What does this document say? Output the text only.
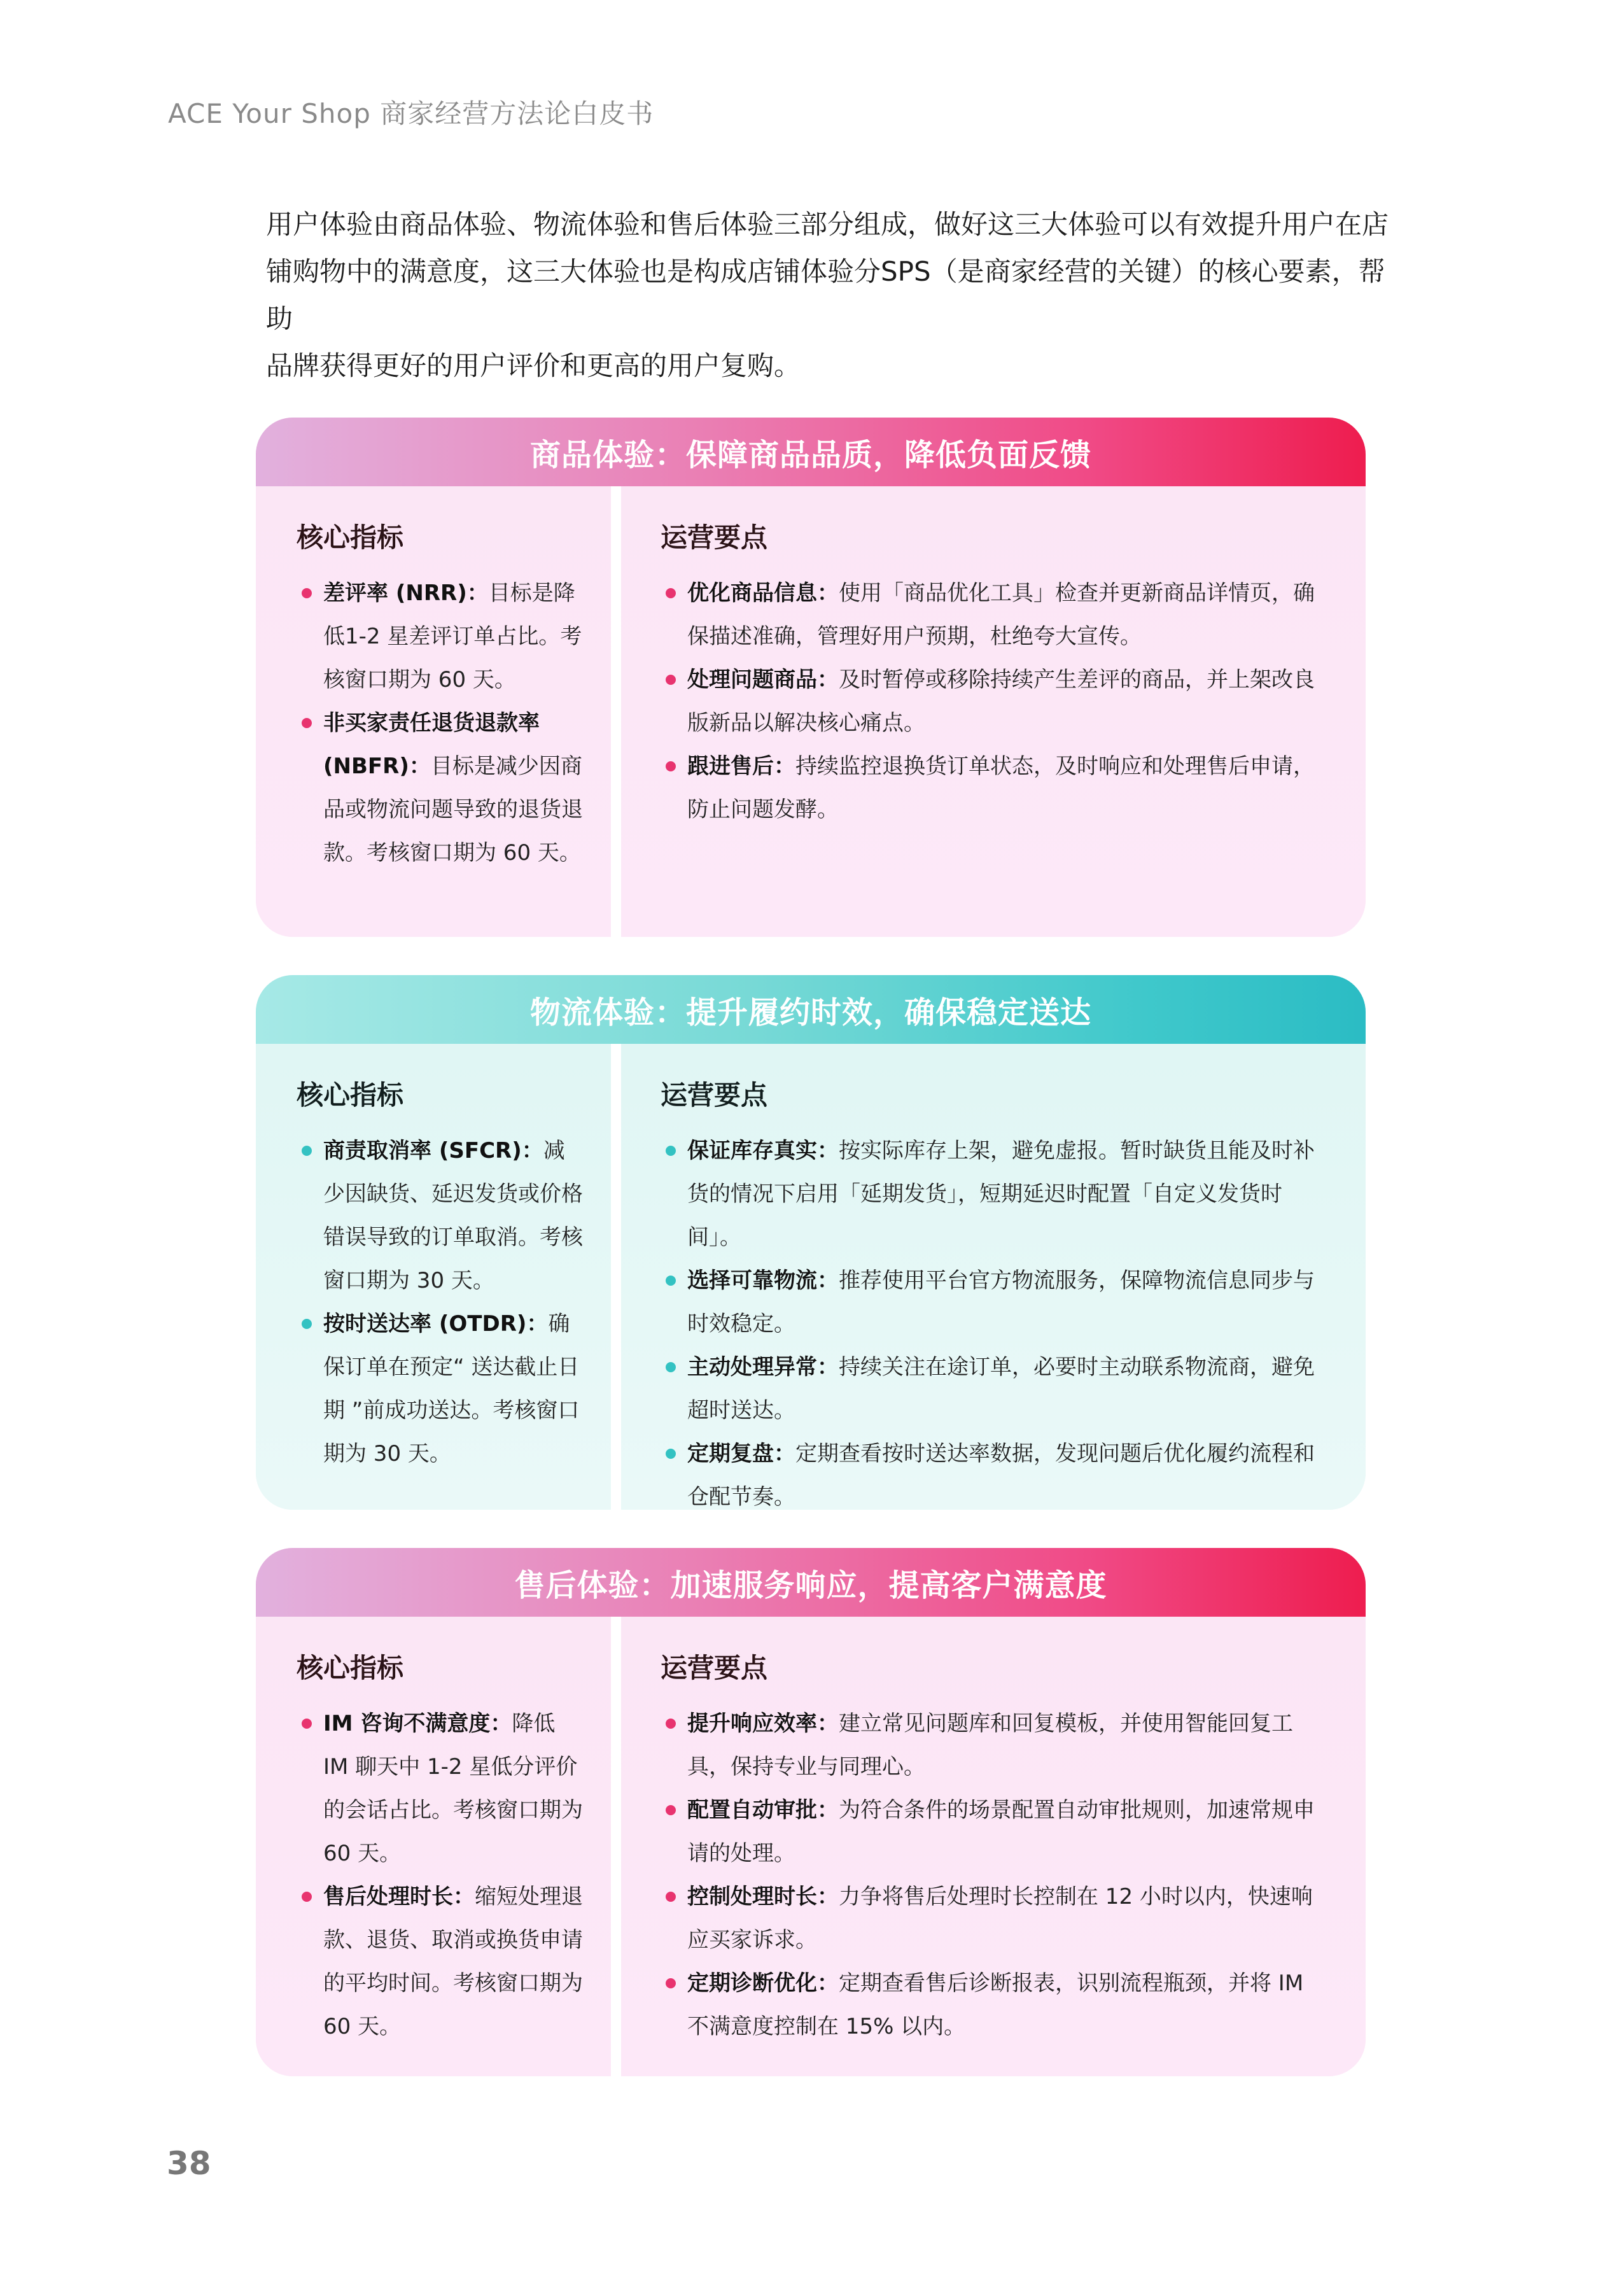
ACE Your Shop 商家经营方法论白皮书

用户体验由商品体验、物流体验和售后体验三部分组成，做好这三大体验可以有效提升用户在店

铺购物中的满意度，这三大体验也是构成店铺体验分SPS（是商家经营的关键）的核心要素，帮助

品牌获得更好的用户评价和更高的用户复购。

商品体验：保障商品品质，降低负面反馈
核心指标
差评率 (NRR)：目标是降低1-2 星差评订单占比。考核窗口期为 60 天。
非买家责任退货退款率 (NBFR)：目标是减少因商品或物流问题导致的退货退款。考核窗口期为 60 天。
运营要点
优化商品信息：使用「商品优化工具」检查并更新商品详情页，确保描述准确，管理好用户预期，杜绝夸大宣传。
处理问题商品：及时暂停或移除持续产生差评的商品，并上架改良版新品以解决核心痛点。
跟进售后：持续监控退换货订单状态，及时响应和处理售后申请，防止问题发酵。
物流体验：提升履约时效，确保稳定送达
核心指标
商责取消率 (SFCR)：减少因缺货、延迟发货或价格错误导致的订单取消。考核窗口期为 30 天。
按时送达率 (OTDR)：确保订单在预定“ 送达截止日期 ”前成功送达。考核窗口期为 30 天。
运营要点
保证库存真实：按实际库存上架，避免虚报。暂时缺货且能及时补货的情况下启用「延期发货」，短期延迟时配置「自定义发货时间」。
选择可靠物流：推荐使用平台官方物流服务，保障物流信息同步与时效稳定。
主动处理异常：持续关注在途订单，必要时主动联系物流商，避免超时送达。
定期复盘：定期查看按时送达率数据，发现问题后优化履约流程和仓配节奏。
售后体验：加速服务响应，提高客户满意度
核心指标
IM 咨询不满意度：降低 IM 聊天中 1-2 星低分评价的会话占比。考核窗口期为 60 天。
售后处理时长：缩短处理退款、退货、取消或换货申请的平均时间。考核窗口期为 60 天。
运营要点
提升响应效率：建立常见问题库和回复模板，并使用智能回复工具，保持专业与同理心。
配置自动审批：为符合条件的场景配置自动审批规则，加速常规申请的处理。
控制处理时长：力争将售后处理时长控制在 12 小时以内，快速响应买家诉求。
定期诊断优化：定期查看售后诊断报表，识别流程瓶颈，并将 IM 不满意度控制在 15% 以内。
38
